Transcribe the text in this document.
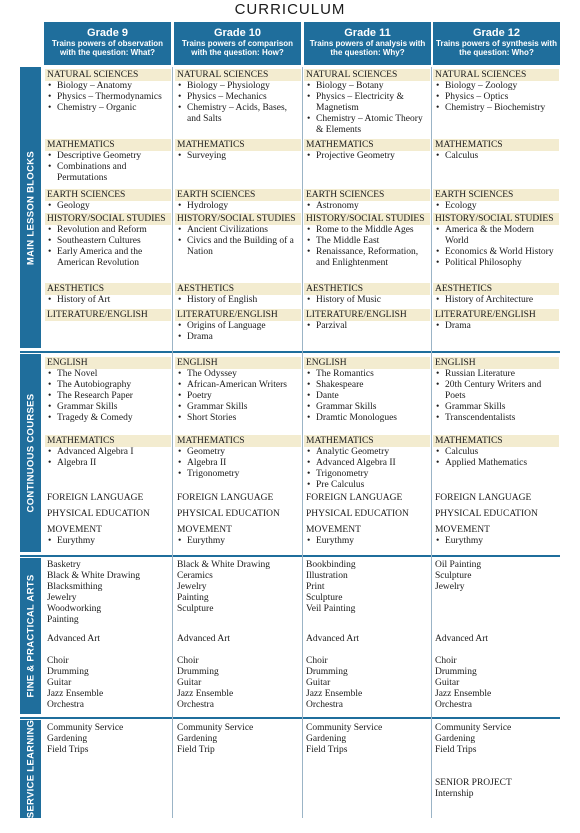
CURRICULUM
Grade 9
Trains powers of observation with the question: What?
Grade 10
Trains powers of comparison with the question: How?
Grade 11
Trains powers of analysis with the question: Why?
Grade 12
Trains powers of synthesis with the question: Who?
MAIN LESSON BLOCKS
CONTINUOUS COURSES
FINE & PRACTICAL ARTS
SERVICE LEARNING
NATURAL SCIENCES
• Biology – Anatomy
• Physics – Thermodynamics
• Chemistry – Organic
MATHEMATICS
• Descriptive Geometry
• Combinations and Permutations
EARTH SCIENCES
• Geology
HISTORY/SOCIAL STUDIES
• Revolution and Reform
• Southeastern Cultures
• Early America and the American Revolution
AESTHETICS
• History of Art
LITERATURE/ENGLISH
NATURAL SCIENCES
• Biology – Physiology
• Physics – Mechanics
• Chemistry – Acids, Bases, and Salts
MATHEMATICS
• Surveying
EARTH SCIENCES
• Hydrology
HISTORY/SOCIAL STUDIES
• Ancient Civilizations
• Civics and the Building of a Nation
AESTHETICS
• History of English
LITERATURE/ENGLISH
• Origins of Language
• Drama
NATURAL SCIENCES
• Biology – Botany
• Physics – Electricity & Magnetism
• Chemistry – Atomic Theory & Elements
MATHEMATICS
• Projective Geometry
EARTH SCIENCES
• Astronomy
HISTORY/SOCIAL STUDIES
• Rome to the Middle Ages
• The Middle East
• Renaissance, Reformation, and Enlightenment
AESTHETICS
• History of Music
LITERATURE/ENGLISH
• Parzival
NATURAL SCIENCES
• Biology – Zoology
• Physics – Optics
• Chemistry – Biochemistry
MATHEMATICS
• Calculus
EARTH SCIENCES
• Ecology
HISTORY/SOCIAL STUDIES
• America & the Modern World
• Economics & World History
• Political Philosophy
AESTHETICS
• History of Architecture
LITERATURE/ENGLISH
• Drama
ENGLISH
• The Novel
• The Autobiography
• The Research Paper
• Grammar Skills
• Tragedy & Comedy
MATHEMATICS
• Advanced Algebra I
• Algebra II
FOREIGN LANGUAGE
PHYSICAL EDUCATION
MOVEMENT
• Eurythmy
ENGLISH
• The Odyssey
• African-American Writers
• Poetry
• Grammar Skills
• Short Stories
MATHEMATICS
• Geometry
• Algebra II
• Trigonometry
FOREIGN LANGUAGE
PHYSICAL EDUCATION
MOVEMENT
• Eurythmy
ENGLISH
• The Romantics
• Shakespeare
• Dante
• Grammar Skills
• Dramtic Monologues
MATHEMATICS
• Analytic Geometry
• Advanced Algebra II
• Trigonometry
• Pre Calculus
FOREIGN LANGUAGE
PHYSICAL EDUCATION
MOVEMENT
• Eurythmy
ENGLISH
• Russian Literature
• 20th Century Writers and Poets
• Grammar Skills
• Transcendentalists
MATHEMATICS
• Calculus
• Applied Mathematics
FOREIGN LANGUAGE
PHYSICAL EDUCATION
MOVEMENT
• Eurythmy
Basketry
Black & White Drawing
Blacksmithing
Jewelry
Woodworking
Painting
Advanced Art
Choir
Drumming
Guitar
Jazz Ensemble
Orchestra
Black & White Drawing
Ceramics
Jewelry
Painting
Sculpture
Advanced Art
Choir
Drumming
Guitar
Jazz Ensemble
Orchestra
Bookbinding
Illustration
Print
Sculpture
Veil Painting
Advanced Art
Choir
Drumming
Guitar
Jazz Ensemble
Orchestra
Oil Painting
Sculpture
Jewelry
Advanced Art
Choir
Drumming
Guitar
Jazz Ensemble
Orchestra
Community Service
Gardening
Field Trips
Community Service
Gardening
Field Trip
Community Service
Gardening
Field Trips
Community Service
Gardening
Field Trips
SENIOR PROJECT
Internship
